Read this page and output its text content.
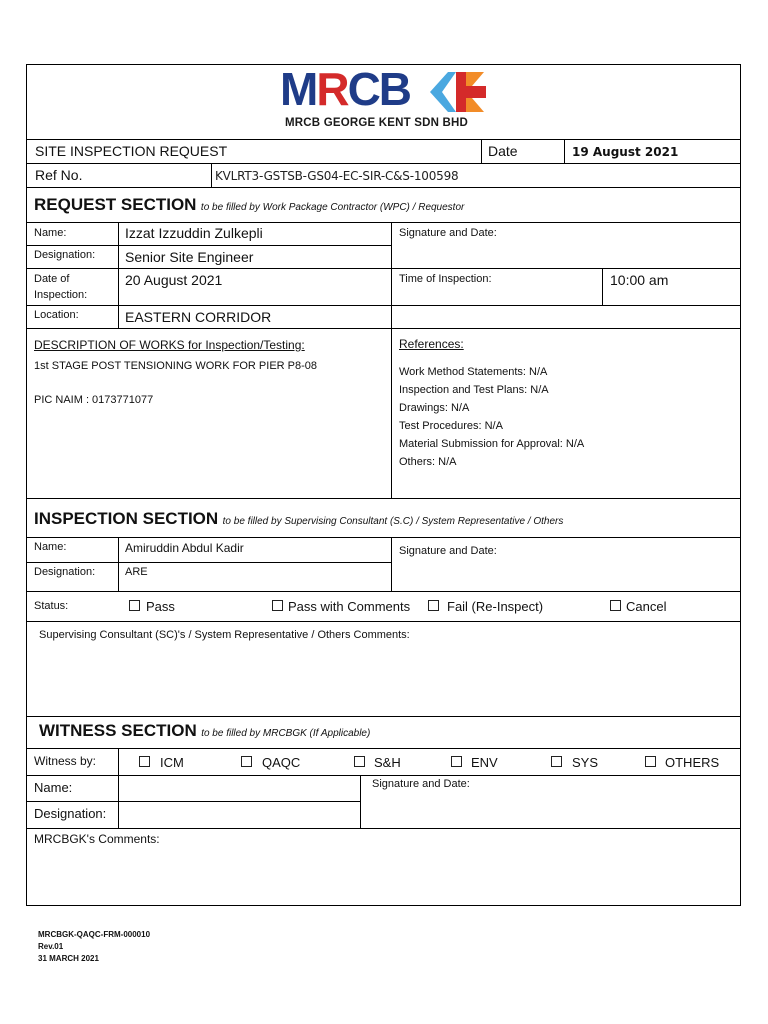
MRCB
MRCB GEORGE KENT SDN BHD
SITE INSPECTION REQUEST	Date	19 August 2021
Ref No.	KVLRT3-GSTSB-GS04-EC-SIR-C&S-100598
REQUEST SECTION to be filled by Work Package Contractor (WPC) / Requestor
Name:	Izzat Izzuddin Zulkepli	Signature and Date:
Designation: Senior Site Engineer
Date of
Inspection:
20 August 2021	Time of Inspection:	10:00 am
Location:	EASTERN CORRIDOR
DESCRIPTION OF WORKS for Inspection/Testing:
1st STAGE POST TENSIONING WORK FOR PIER P8-08
PIC NAIM : 0173771077
References:
Work Method Statements: N/A
Inspection and Test Plans: N/A
Drawings: N/A
Test Procedures: N/A
Material Submission for Approval: N/A
Others: N/A
INSPECTION SECTION to be filled by Supervising Consultant (S.C) / System Representative / Others
Name:	Amiruddin Abdul Kadir	Signature and Date:
Designation:	ARE
Status:	Pass	Pass with Comments	Fail (Re-Inspect)	Cancel
Supervising Consultant (SC)'s / System Representative / Others Comments:
WITNESS SECTION to be filled by MRCBGK (If Applicable)
Witness by:	ICM	QAQC	S&H	ENV	SYS	OTHERS
Name:	Signature and Date:
Designation:
MRCBGK's Comments:
MRCBGK-QAQC-FRM-000010
Rev.01
31 MARCH 2021
